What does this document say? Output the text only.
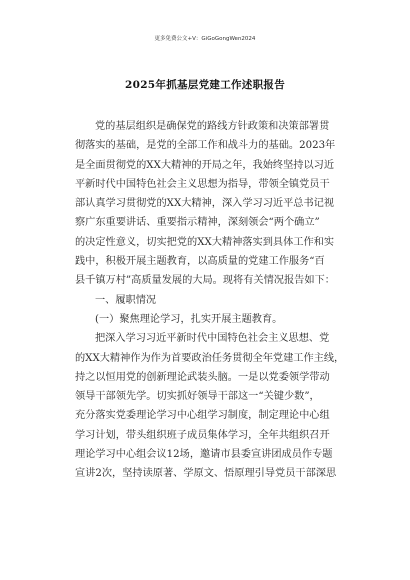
更多免费公文+V：GiGoGongWen2024
2025年抓基层党建工作述职报告
党的基层组织是确保党的路线方针政策和决策部署贯
彻落实的基础，是党的全部工作和战斗力的基础。2023年
是全面贯彻党的XX大精神的开局之年，我始终坚持以习近
平新时代中国特色社会主义思想为指导，带领全镇党员干
部认真学习贯彻党的XX大精神，深入学习习近平总书记视
察广东重要讲话、重要指示精神，深刻领会“两个确立”
的决定性意义，切实把党的XX大精神落实到具体工作和实
践中，积极开展主题教育，以高质量的党建工作服务“百
县千镇万村”高质量发展的大局。现将有关情况报告如下：
一、履职情况
(一）聚焦理论学习，扎实开展主题教育。
把深入学习习近平新时代中国特色社会主义思想、党
的XX大精神作为作为首要政治任务贯彻全年党建工作主线，
持之以恒用党的创新理论武装头脑。一是以党委领学带动
领导干部领先学。切实抓好领导干部这一“关键少数”，
充分落实党委理论学习中心组学习制度，制定理论中心组
学习计划，带头组织班子成员集体学习，全年共组织召开
理论学习中心组会议12场，邀请市县委宣讲团成员作专题
宣讲2次，坚持读原著、学原文、悟原理引导党员干部深思
